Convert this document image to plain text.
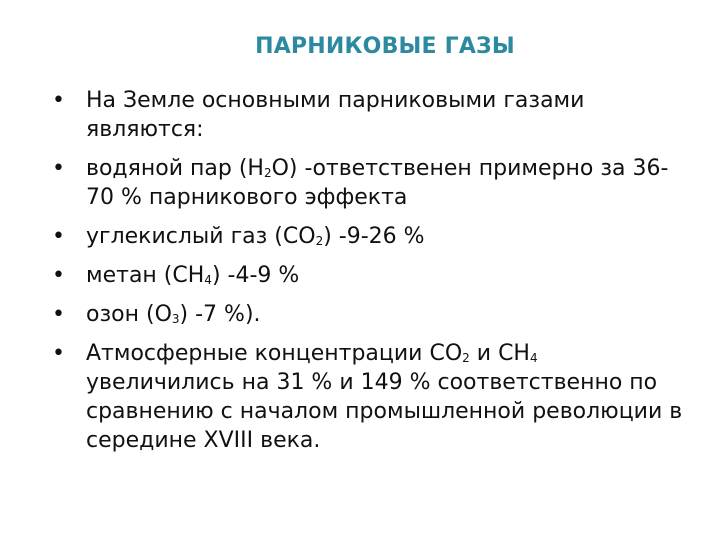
ПАРНИКОВЫЕ ГАЗЫ
• На Земле основными парниковыми газами являются:
• водяной пар $(Н_2О)$ -ответственен примерно за 36-70 % парникового эффекта
• углекислый газ $(СО_2)$ -9-26 %
• метан $(СН_4)$ -4-9 %
• озон $(О_3)$ -7 %).
• Атмосферные концентрации $СО_2$ и $СН_4$ увеличились на 31 % и 149 % соответственно по сравнению с началом промышленной революции в середине XVIII века.
